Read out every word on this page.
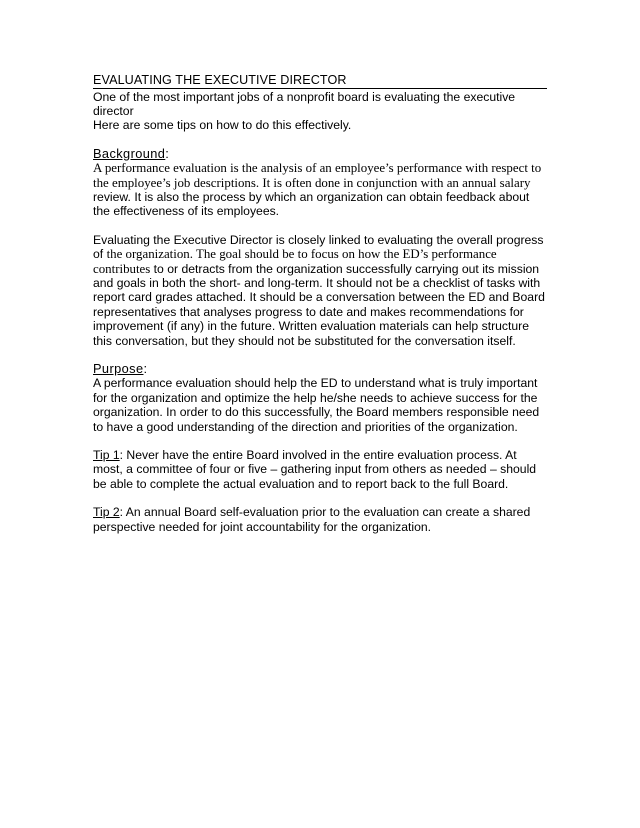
EVALUATING THE EXECUTIVE DIRECTOR

One of the most important jobs of a nonprofit board is evaluating the executive director
Here are some tips on how to do this effectively.

Background:

A performance evaluation is the analysis of an employee’s performance with respect to the employee’s job descriptions. It is often done in conjunction with an annual salary review. It is also the process by which an organization can obtain feedback about the effectiveness of its employees.

Evaluating the Executive Director is closely linked to evaluating the overall progress of the organization. The goal should be to focus on how the ED’s performance contributes to or detracts from the organization successfully carrying out its mission and goals in both the short- and long-term. It should not be a checklist of tasks with report card grades attached. It should be a conversation between the ED and Board representatives that analyses progress to date and makes recommendations for improvement (if any) in the future. Written evaluation materials can help structure this conversation, but they should not be substituted for the conversation itself.

Purpose:

A performance evaluation should help the ED to understand what is truly important for the organization and optimize the help he/she needs to achieve success for the organization. In order to do this successfully, the Board members responsible need to have a good understanding of the direction and priorities of the organization.

Tip 1: Never have the entire Board involved in the entire evaluation process. At most, a committee of four or five – gathering input from others as needed – should be able to complete the actual evaluation and to report back to the full Board.

Tip 2: An annual Board self-evaluation prior to the evaluation can create a shared perspective needed for joint accountability for the organization.
